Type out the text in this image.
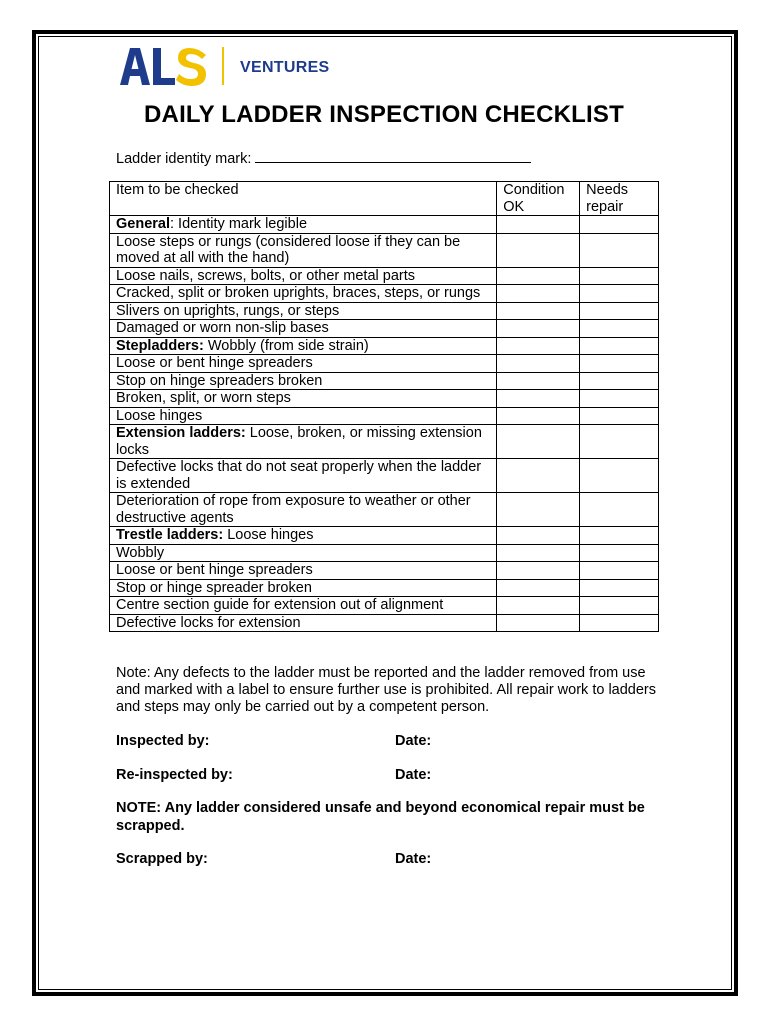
VENTURES
DAILY LADDER INSPECTION CHECKLIST
Ladder identity mark:
Item to be checked	Condition OK	Needs repair
General: Identity mark legible		
Loose steps or rungs (considered loose if they can be moved at all with the hand)		
Loose nails, screws, bolts, or other metal parts		
Cracked, split or broken uprights, braces, steps, or rungs		
Slivers on uprights, rungs, or steps		
Damaged or worn non-slip bases		
Stepladders: Wobbly (from side strain)		
Loose or bent hinge spreaders		
Stop on hinge spreaders broken		
Broken, split, or worn steps		
Loose hinges		
Extension ladders: Loose, broken, or missing extension locks		
Defective locks that do not seat properly when the ladder is extended		
Deterioration of rope from exposure to weather or other destructive agents		
Trestle ladders: Loose hinges		
Wobbly		
Loose or bent hinge spreaders		
Stop or hinge spreader broken		
Centre section guide for extension out of alignment		
Defective locks for extension		
Note: Any defects to the ladder must be reported and the ladder removed from use and marked with a label to ensure further use is prohibited. All repair work to ladders and steps may only be carried out by a competent person.
Inspected by:	Date:
Re-inspected by:	Date:
NOTE: Any ladder considered unsafe and beyond economical repair must be scrapped.
Scrapped by:	Date:
